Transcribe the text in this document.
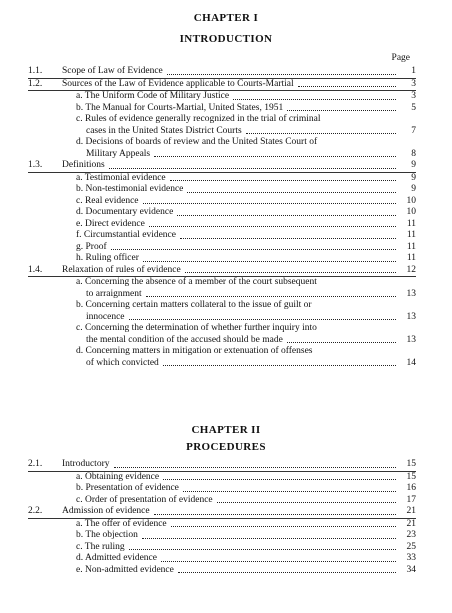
CHAPTER I
INTRODUCTION
Page
1.1.	Scope of Law of Evidence	1
1.2.	Sources of the Law of Evidence applicable to Courts-Martial	3
a. The Uniform Code of Military Justice	3
b. The Manual for Courts-Martial, United States, 1951	5
c. Rules of evidence generally recognized in the trial of criminal
cases in the United States District Courts	7
d. Decisions of boards of review and the United States Court of
Military Appeals	8
1.3.	Definitions	9
a. Testimonial evidence	9
b. Non-testimonial evidence	9
c. Real evidence	10
d. Documentary evidence	10
e. Direct evidence	11
f. Circumstantial evidence	11
g. Proof	11
h. Ruling officer	11
1.4.	Relaxation of rules of evidence	12
a. Concerning the absence of a member of the court subsequent
to arraignment	13
b. Concerning certain matters collateral to the issue of guilt or
innocence	13
c. Concerning the determination of whether further inquiry into
the mental condition of the accused should be made	13
d. Concerning matters in mitigation or extenuation of offenses
of which convicted	14
CHAPTER II
PROCEDURES
2.1.	Introductory	15
a. Obtaining evidence	15
b. Presentation of evidence	16
c. Order of presentation of evidence	17
2.2.	Admission of evidence	21
a. The offer of evidence	21
b. The objection	23
c. The ruling	25
d. Admitted evidence	33
e. Non-admitted evidence	34
